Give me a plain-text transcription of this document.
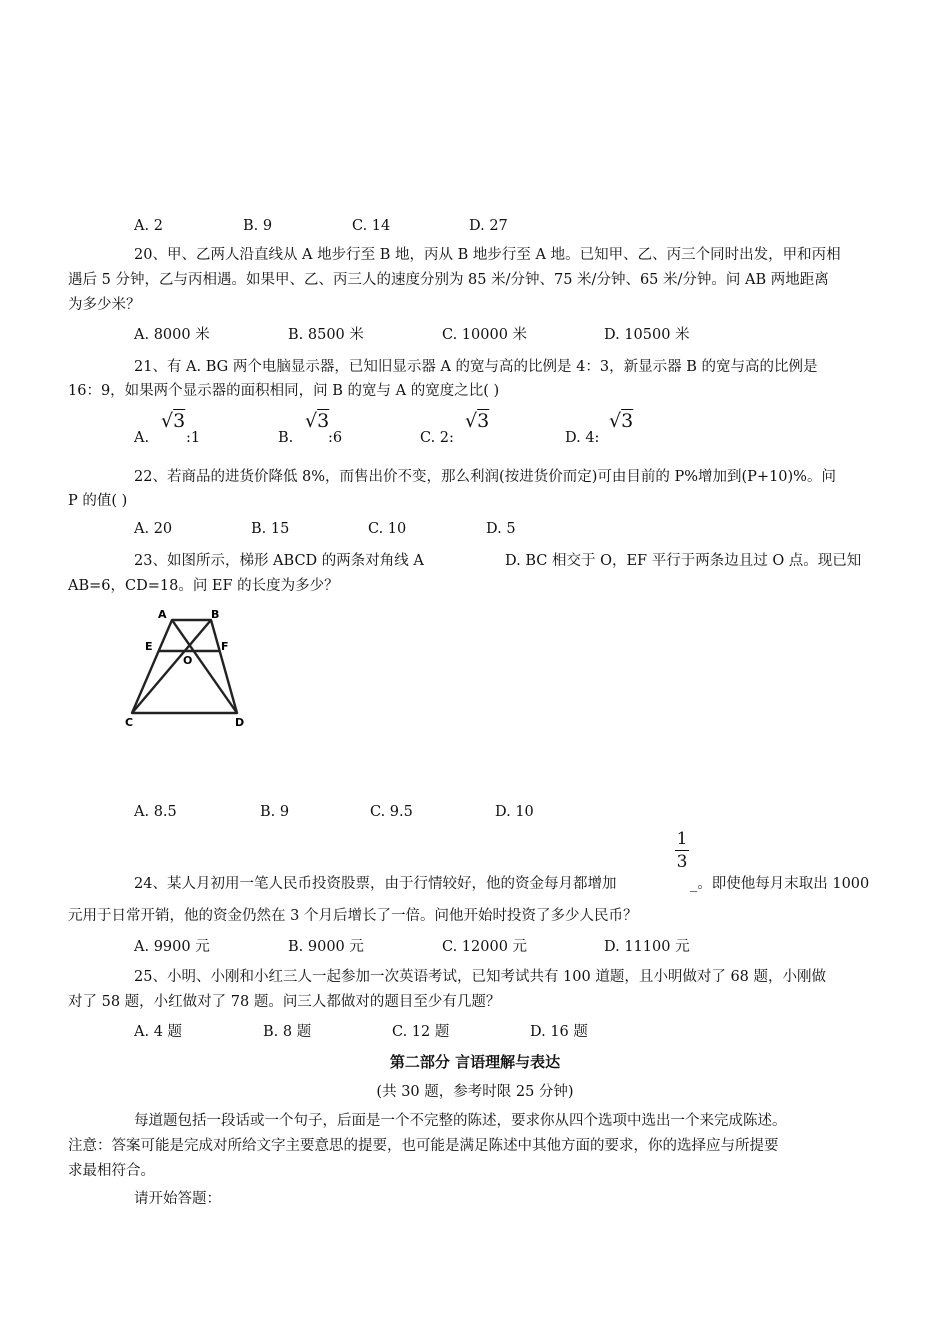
A. 2	B. 9	C. 14	D. 27
20、甲、乙两人沿直线从 A 地步行至 B 地，丙从 B 地步行至 A 地。已知甲、乙、丙三个同时出发，甲和丙相
遇后 5 分钟，乙与丙相遇。如果甲、乙、丙三人的速度分别为 85 米/分钟、75 米/分钟、65 米/分钟。问 AB 两地距离
为多少米？
A. 8000 米	B. 8500 米	C. 10000 米	D. 10500 米
21、有 A. BG 两个电脑显示器，已知旧显示器 A 的宽与高的比例是 4：3，新显示器 B 的宽与高的比例是
16：9，如果两个显示器的面积相同，问 B 的宽与 A 的宽度之比( )
A.
√3
:1	B.
√3
:6	C. 2:
√3
D. 4:
√3
22、若商品的进货价降低 8%，而售出价不变，那么利润(按进货价而定)可由目前的 P%增加到(P+10)%。问
P 的值( )
A. 20	B. 15	C. 10	D. 5
23、如图所示，梯形 ABCD 的两条对角线 A	D. BC 相交于 O，EF 平行于两条边且过 O 点。现已知
AB=6，CD=18。问 EF 的长度为多少？
A	B
E	F
O
C	D
A. 8.5	B. 9	C. 9.5	D. 10
1
3
24、某人月初用一笔人民币投资股票，由于行情较好，他的资金每月都增加	_。即使他每月末取出 1000
元用于日常开销，他的资金仍然在 3 个月后增长了一倍。问他开始时投资了多少人民币？
A. 9900 元	B. 9000 元	C. 12000 元	D. 11100 元
25、小明、小刚和小红三人一起参加一次英语考试，已知考试共有 100 道题，且小明做对了 68 题，小刚做
对了 58 题，小红做对了 78 题。问三人都做对的题目至少有几题？
A. 4 题	B. 8 题	C. 12 题	D. 16 题
第二部分 言语理解与表达
(共 30 题，参考时限 25 分钟)
每道题包括一段话或一个句子，后面是一个不完整的陈述，要求你从四个选项中选出一个来完成陈述。
注意：答案可能是完成对所给文字主要意思的提要，也可能是满足陈述中其他方面的要求，你的选择应与所提要
求最相符合。
请开始答题：
